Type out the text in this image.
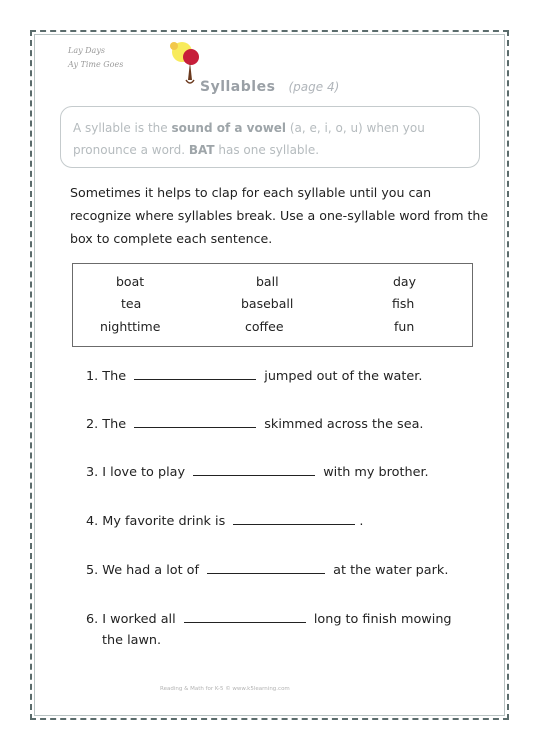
Lay Days
Ay Time Goes
Syllables (page 4)
A syllable is the sound of a vowel (a, e, i, o, u) when you pronounce a word. BAT has one syllable.
Sometimes it helps to clap for each syllable until you can recognize where syllables break. Use a one-syllable word from the box to complete each sentence.
boat	ball	day
tea	baseball	fish
nighttime	coffee	fun
1. The	jumped out of the water.
2. The	skimmed across the sea.
3. I love to play	with my brother.
4. My favorite drink is	.
5. We had a lot of	at the water park.
6. I worked all	long to finish mowing
the lawn.
Reading & Math for K-5 © www.k5learning.com
